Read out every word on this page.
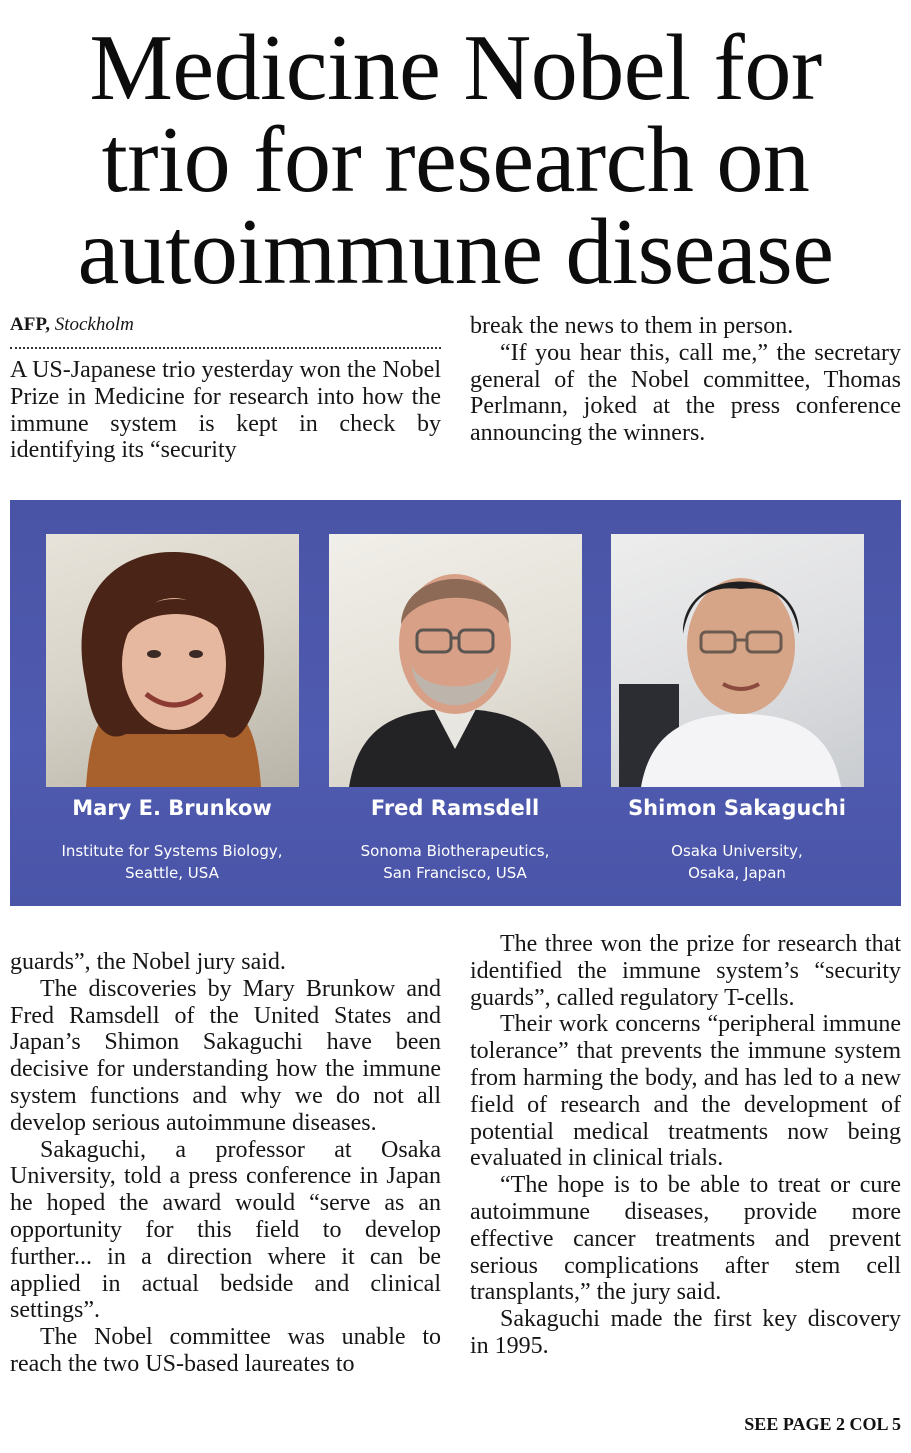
Medicine Nobel for
trio for research on
autoimmune disease
AFP, Stockholm

A US-Japanese trio yesterday won the Nobel Prize in Medicine for research into how the immune system is kept in check by identifying its “security

break the news to them in person.

“If you hear this, call me,” the secretary general of the Nobel committee, Thomas Perlmann, joked at the press conference announcing the winners.

Mary E. Brunkow	Fred Ramsdell	Shimon Sakaguchi
Institute for Systems Biology,
Seattle, USA
Sonoma Biotherapeutics,
San Francisco, USA
Osaka University,
Osaka, Japan

guards”, the Nobel jury said.

The discoveries by Mary Brunkow and Fred Ramsdell of the United States and Japan’s Shimon Sakaguchi have been decisive for understanding how the immune system functions and why we do not all develop serious autoimmune diseases.

Sakaguchi, a professor at Osaka University, told a press conference in Japan he hoped the award would “serve as an opportunity for this field to develop further... in a direction where it can be applied in actual bedside and clinical settings”.

The Nobel committee was unable to reach the two US-based laureates to

The three won the prize for research that identified the immune system’s “security guards”, called regulatory T-cells.

Their work concerns “peripheral immune tolerance” that prevents the immune system from harming the body, and has led to a new field of research and the development of potential medical treatments now being evaluated in clinical trials.

“The hope is to be able to treat or cure autoimmune diseases, provide more effective cancer treatments and prevent serious complications after stem cell transplants,” the jury said.

Sakaguchi made the first key discovery in 1995.

SEE PAGE 2 COL 5
